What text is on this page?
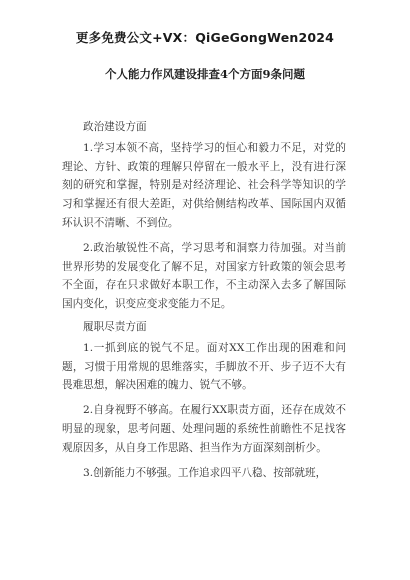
更多免费公文+VX：QiGeGongWen2024
个人能力作风建设排查4个方面9条问题
政治建设方面
1.学习本领不高，坚持学习的恒心和毅力不足，对党的理论、方针、政策的理解只停留在一般水平上，没有进行深刻的研究和掌握，特别是对经济理论、社会科学等知识的学习和掌握还有很大差距，对供给侧结构改革、国际国内双循环认识不清晰、不到位。
2.政治敏锐性不高，学习思考和洞察力待加强。对当前世界形势的发展变化了解不足，对国家方针政策的领会思考不全面，存在只求做好本职工作，不主动深入去多了解国际国内变化，识变应变求变能力不足。
履职尽责方面
1.一抓到底的锐气不足。面对XX工作出现的困难和问题，习惯于用常规的思维落实，手脚放不开、步子迈不大有畏难思想，解决困难的魄力、锐气不够。
2.自身视野不够高。在履行XX职责方面，还存在成效不明显的现象，思考问题、处理问题的系统性前瞻性不足找客观原因多，从自身工作思路、担当作为方面深刻剖析少。
3.创新能力不够强。工作追求四平八稳、按部就班，
